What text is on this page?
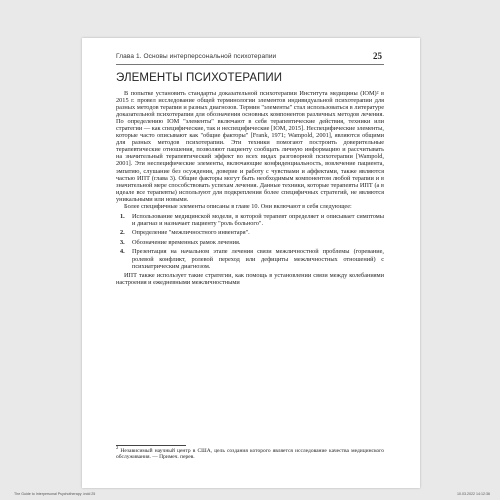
Глава 1. Основы интерперсональной психотерапии	25
ЭЛЕМЕНТЫ ПСИХОТЕРАПИИ

В попытке установить стандарты доказательной психотерапии Института медицины (IOM)² в 2015 г. провел исследование общей терминологии элементов индивидуальной психотерапии для разных методов терапии и разных диагнозов. Термин "элементы" стал использоваться в литературе доказательной психотерапии для обозначения основных компонентов различных методов лечения. По определению IOM "элементы" включают в себя терапевтические действия, техники или стратегии — как специфические, так и неспецифические [IOM, 2015]. Неспецифические элементы, которые часто описывают как "общие факторы" [Frank, 1971; Wampold, 2001], являются общими для разных методов психотерапии. Эти техники помогают построить доверительные терапевтические отношения, позволяют пациенту сообщать личную информацию и рассчитывать на значительный терапевтический эффект во всех видах разговорной психотерапии [Wampold, 2001]. Эти неспецифические элементы, включающие конфиденциальность, вовлечение пациента, эмпатию, слушание без осуждения, доверие и работу с чувствами и аффектами, также являются частью ИПТ (глава 3). Общие факторы могут быть необходимым компонентом любой терапии и в значительной мере способствовать успехам лечения. Данные техники, которые терапевты ИПТ (а в идеале все терапевты) используют для подкрепления более специфичных стратегий, не являются уникальными или новыми.

Более специфичные элементы описаны в главе 10. Они включают в себя следующее:

1. Использование медицинской модели, в которой терапевт определяет и описывает симптомы и диагназ и назначает пациенту "роль больного".
2. Определение "межличностного инвентаря".
3. Обозначение временных рамок лечения.
4. Презентация на начальном этапе лечения связи межличностной проблемы (горевание, ролевой конфликт, ролевой переход или дефициты межличностных отношений) с психиатрическим диагнозом.

ИПТ также использует такие стратегии, как помощь в установлении связи между колебаниями настроения и ежедневными межличностными

$^2$ Независимый научный центр в США, цель создания которого является исследование качества медицинского обслуживания. — Примеч. перев.
The Guide to Interpersonal Psychotherapy .indd 25	10.03.2022 14:12:36
